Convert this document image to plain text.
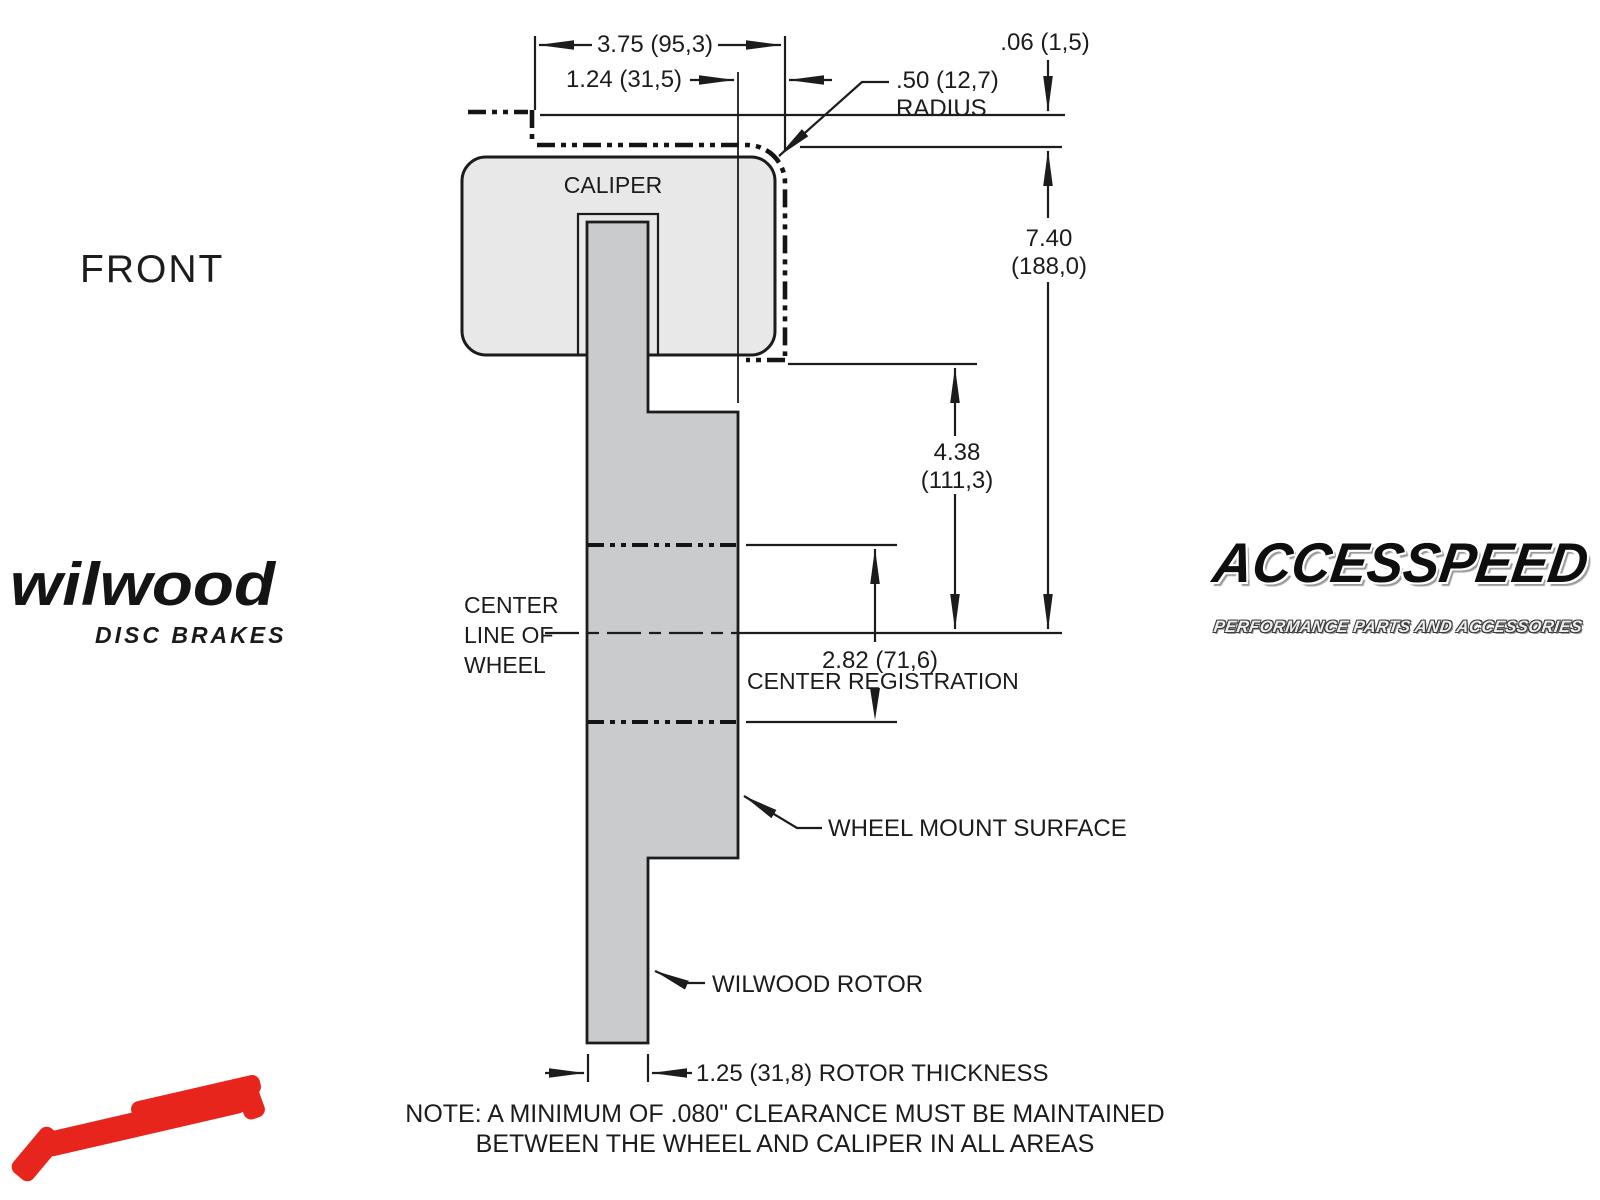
FRONT
CALIPER
3.75 (95,3)
1.24 (31,5)
.06 (1,5)
.50 (12,7)
RADIUS
7.40
(188,0)
4.38
(111,3)
CENTER
LINE OF
WHEEL	2.82 (71,6)
CENTER REGISTRATION
WHEEL MOUNT SURFACE
WILWOOD ROTOR
1.25 (31,8) ROTOR THICKNESS
NOTE: A MINIMUM OF .080" CLEARANCE MUST BE MAINTAINED
BETWEEN THE WHEEL AND CALIPER IN ALL AREAS
wilwood
DISC BRAKES
ACCESSPEED
PERFORMANCE PARTS AND ACCESSORIES
